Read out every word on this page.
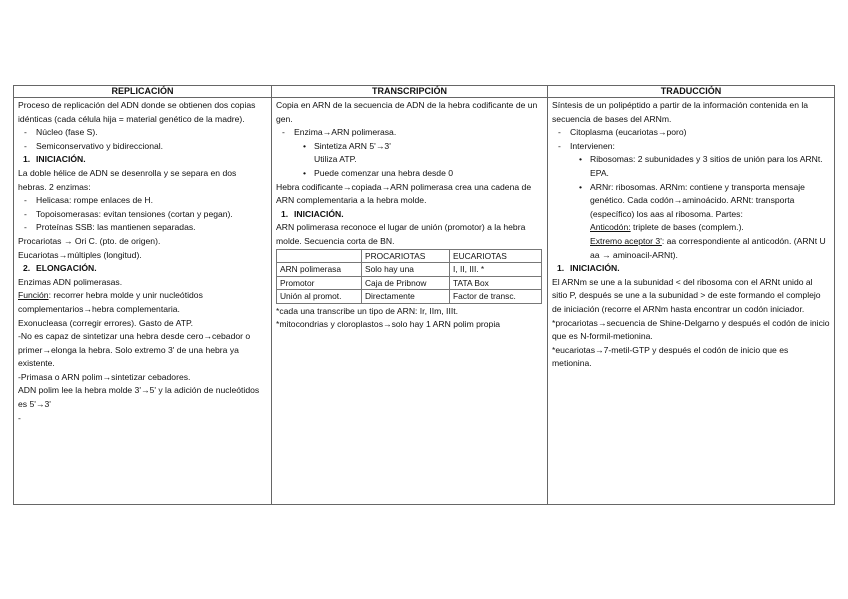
REPLICACIÓN	TRANSCRIPCIÓN	TRADUCCIÓN

Proceso de replicación del ADN donde se obtienen dos copias idénticas (cada célula hija = material genético de la madre).

- Núcleo (fase S).

- Semiconservativo y bidireccional.

1. INICIACIÓN.

La doble hélice de ADN se desenrolla y se separa en dos hebras. 2 enzimas:

- Helicasa: rompe enlaces de H.

- Topoisomerasas: evitan tensiones (cortan y pegan).

- Proteínas SSB: las mantienen separadas.

Procariotas → Ori C. (pto. de origen).

Eucariotas→múltiples (longitud).

2. ELONGACIÓN.

Enzimas ADN polimerasas.

Función: recorrer hebra molde y unir nucleótidos complementarios→hebra complementaria.

Exonucleasa (corregir errores). Gasto de ATP.

-No es capaz de sintetizar una hebra desde cero→cebador o primer→elonga la hebra. Solo extremo 3' de una hebra ya existente.

-Primasa o ARN polim→sintetizar cebadores.

ADN polim lee la hebra molde 3'→5' y la adición de nucleótidos es 5'→3'

-

Copia en ARN de la secuencia de ADN de la hebra codificante de un gen.

- Enzima→ARN polimerasa.

• Sintetiza ARN 5'→3'

Utiliza ATP.

• Puede comenzar una hebra desde 0

Hebra codificante→copiada→ARN polimerasa crea una cadena de ARN complementaria a la hebra molde.

1. INICIACIÓN.

ARN polimerasa reconoce el lugar de unión (promotor) a la hebra molde. Secuencia corta de BN.

	PROCARIOTAS	EUCARIOTAS
ARN polimerasa	Solo hay una	I, II, III. *
Promotor	Caja de Pribnow	TATA Box
Unión al promot.	Directamente	Factor de transc.

*cada una transcribe un tipo de ARN: Ir, IIm, IIIt.

*mitocondrias y cloroplastos→solo hay 1 ARN polim propia

Síntesis de un polipéptido a partir de la información contenida en la secuencia de bases del ARNm.

- Citoplasma (eucariotas→poro)

- Intervienen:

• Ribosomas: 2 subunidades y 3 sitios de unión para los ARNt. EPA.

• ARNr: ribosomas. ARNm: contiene y transporta mensaje genético. Cada codón→aminoácido. ARNt: transporta (específico) los aas al ribosoma. Partes:

Anticodón: triplete de bases (complem.).

Extremo aceptor 3': aa correspondiente al anticodón. (ARNt U aa → aminoacil-ARNt).

1. INICIACIÓN.

El ARNm se une a la subunidad < del ribosoma con el ARNt unido al sitio P, después se une a la subunidad > de este formando el complejo de iniciación (recorre el ARNm hasta encontrar un codón iniciador.

*procariotas→secuencia de Shine-Delgarno y después el codón de inicio que es N-formil-metionina.

*eucariotas→7-metil-GTP y después el codón de inicio que es metionina.
